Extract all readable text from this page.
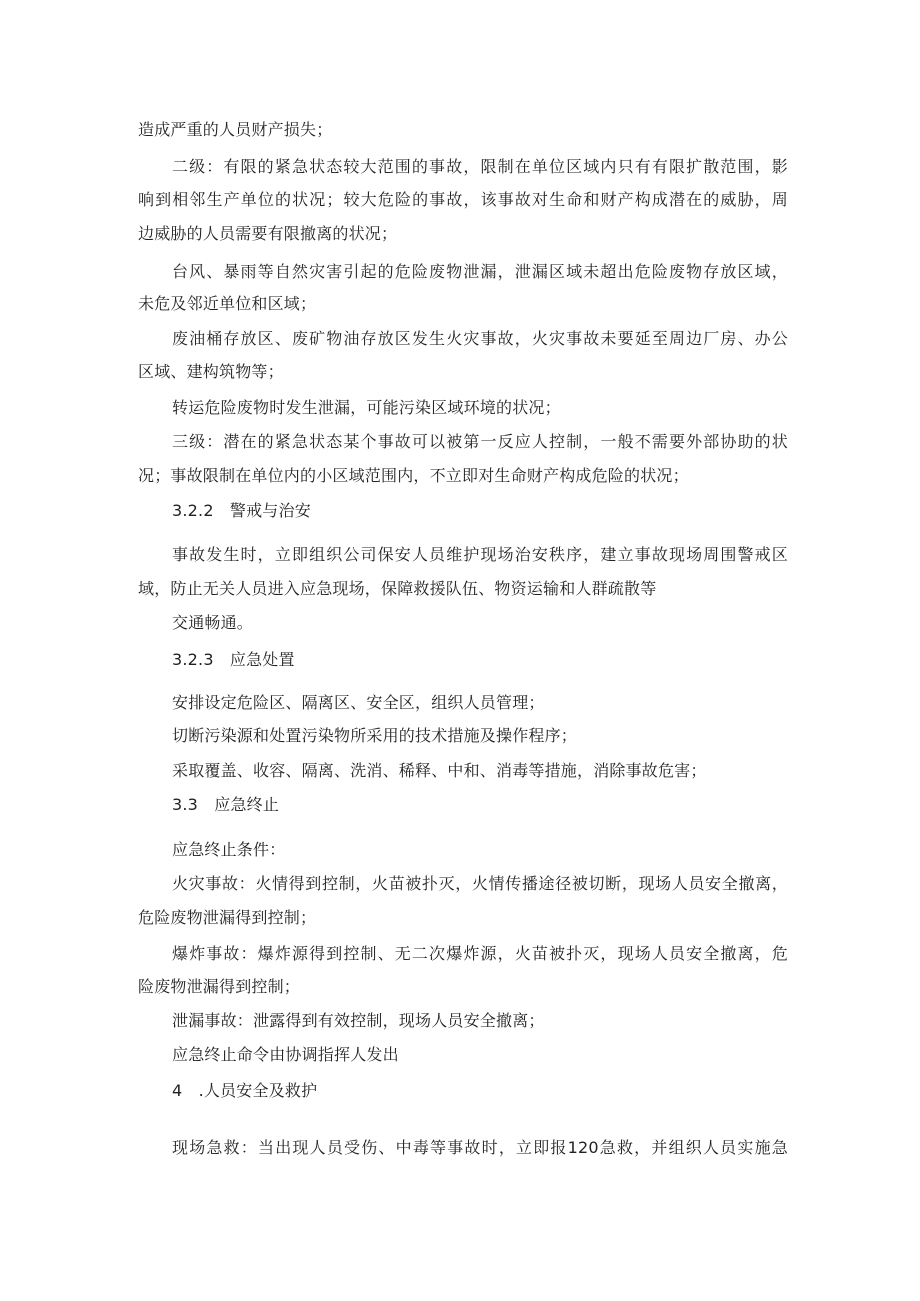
造成严重的人员财产损失；
二级：有限的紧急状态较大范围的事故，限制在单位区域内只有有限扩散范围，影
响到相邻生产单位的状况；较大危险的事故，该事故对生命和财产构成潜在的威胁，周
边威胁的人员需要有限撤离的状况；
台风、暴雨等自然灾害引起的危险废物泄漏，泄漏区域未超出危险废物存放区域，
未危及邻近单位和区域；
废油桶存放区、废矿物油存放区发生火灾事故，火灾事故未要延至周边厂房、办公
区域、建构筑物等；
转运危险废物时发生泄漏，可能污染区域环境的状况；
三级：潜在的紧急状态某个事故可以被第一反应人控制，一般不需要外部协助的状
况；事故限制在单位内的小区域范围内，不立即对生命财产构成危险的状况；
3.2.2　警戒与治安
事故发生时，立即组织公司保安人员维护现场治安秩序，建立事故现场周围警戒区
域，防止无关人员进入应急现场，保障救援队伍、物资运输和人群疏散等
交通畅通。
3.2.3　应急处置
安排设定危险区、隔离区、安全区，组织人员管理；
切断污染源和处置污染物所采用的技术措施及操作程序；
采取覆盖、收容、隔离、洗消、稀释、中和、消毒等措施，消除事故危害；
3.3　应急终止
应急终止条件：
火灾事故：火情得到控制，火苗被扑灭，火情传播途径被切断，现场人员安全撤离，
危险废物泄漏得到控制；
爆炸事故：爆炸源得到控制、无二次爆炸源，火苗被扑灭，现场人员安全撤离，危
险废物泄漏得到控制；
泄漏事故：泄露得到有效控制，现场人员安全撤离；
应急终止命令由协调指挥人发出
4　.人员安全及救护
现场急救：当出现人员受伤、中毒等事故时，立即报120急救，并组织人员实施急
